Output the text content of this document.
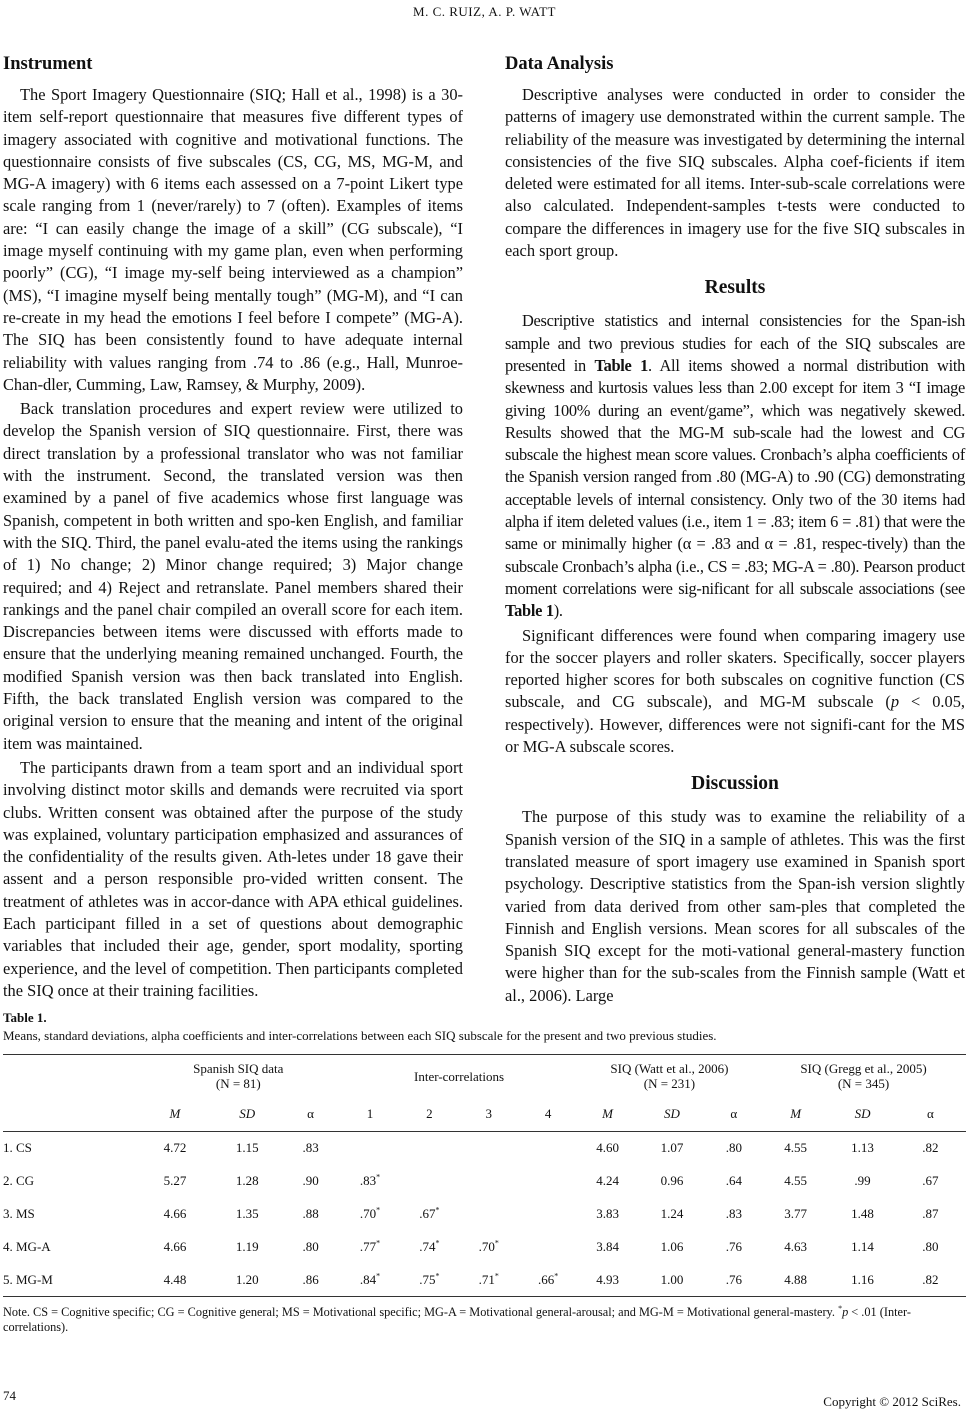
M. C. RUIZ, A. P. WATT
Instrument

The Sport Imagery Questionnaire (SIQ; Hall et al., 1998) is a 30-item self-report questionnaire that measures five different types of imagery associated with cognitive and motivational functions. The questionnaire consists of five subscales (CS, CG, MS, MG-M, and MG-A imagery) with 6 items each assessed on a 7-point Likert type scale ranging from 1 (never/rarely) to 7 (often). Examples of items are: “I can easily change the image of a skill” (CG subscale), “I image myself continuing with my game plan, even when performing poorly” (CG), “I image my-self being interviewed as a champion” (MS), “I imagine myself being mentally tough” (MG-M), and “I can re-create in my head the emotions I feel before I compete” (MG-A). The SIQ has been consistently found to have adequate internal reliability with values ranging from .74 to .86 (e.g., Hall, Munroe- Chan-dler, Cumming, Law, Ramsey, & Murphy, 2009).

Back translation procedures and expert review were utilized to develop the Spanish version of SIQ questionnaire. First, there was direct translation by a professional translator who was not familiar with the instrument. Second, the translated version was then examined by a panel of five academics whose first language was Spanish, competent in both written and spo-ken English, and familiar with the SIQ. Third, the panel evalu-ated the items using the rankings of 1) No change; 2) Minor change required; 3) Major change required; and 4) Reject and retranslate. Panel members shared their rankings and the panel chair compiled an overall score for each item. Discrepancies between items were discussed with efforts made to ensure that the underlying meaning remained unchanged. Fourth, the modified Spanish version was then back translated into English. Fifth, the back translated English version was compared to the original version to ensure that the meaning and intent of the original item was maintained.

The participants drawn from a team sport and an individual sport involving distinct motor skills and demands were recruited via sport clubs. Written consent was obtained after the purpose of the study was explained, voluntary participation emphasized and assurances of the confidentiality of the results given. Ath-letes under 18 gave their assent and a person responsible pro-vided written consent. The treatment of athletes was in accor-dance with APA ethical guidelines. Each participant filled in a set of questions about demographic variables that included their age, gender, sport modality, sporting experience, and the level of competition. Then participants completed the SIQ once at their training facilities.

Data Analysis

Descriptive analyses were conducted in order to consider the patterns of imagery use demonstrated within the current sample. The reliability of the measure was investigated by determining the internal consistencies of the five SIQ subscales. Alpha coef-ficients if item deleted were estimated for all items. Inter-sub-scale correlations were also calculated. Independent-samples t-tests were conducted to compare the differences in imagery use for the five SIQ subscales in each sport group.

Results

Descriptive statistics and internal consistencies for the Span-ish sample and two previous studies for each of the SIQ subscales are presented in Table 1. All items showed a normal distribution with skewness and kurtosis values less than 2.00 except for item 3 “I image giving 100% during an event/game”, which was negatively skewed. Results showed that the MG-M sub-scale had the lowest and CG subscale the highest mean score values. Cronbach’s alpha coefficients of the Spanish version ranged from .80 (MG-A) to .90 (CG) demonstrating acceptable levels of internal consistency. Only two of the 30 items had alpha if item deleted values (i.e., item 1 = .83; item 6 = .81) that were the same or minimally higher (α = .83 and α = .81, respec-tively) than the subscale Cronbach’s alpha (i.e., CS = .83; MG-A = .80). Pearson product moment correlations were sig-nificant for all subscale associations (see Table 1).

Significant differences were found when comparing imagery use for the soccer players and roller skaters. Specifically, soccer players reported higher scores for both subscales on cognitive function (CS subscale, and CG subscale), and MG-M subscale (p < 0.05, respectively). However, differences were not signifi-cant for the MS or MG-A subscale scores.

Discussion

The purpose of this study was to examine the reliability of a Spanish version of the SIQ in a sample of athletes. This was the first translated measure of sport imagery use examined in Spanish sport psychology. Descriptive statistics from the Span-ish version slightly varied from data derived from other sam-ples that completed the Finnish and English versions. Mean scores for all subscales of the Spanish SIQ except for the moti-vational general-mastery function were higher than for the sub-scales from the Finnish sample (Watt et al., 2006). Large

Table 1.
Means, standard deviations, alpha coefficients and inter-correlations between each SIQ subscale for the present and two previous studies.
	Spanish SIQ data
(N = 81)			Inter-correlations				SIQ (Watt et al., 2006)
(N = 231)			SIQ (Gregg et al., 2005)
(N = 345)		
	M	SD	α	1	2	3	4	M	SD	α	M	SD	α
1. CS	4.72	1.15	.83					4.60	1.07	.80	4.55	1.13	.82
2. CG	5.27	1.28	.90	.83*				4.24	0.96	.64	4.55	.99	.67
3. MS	4.66	1.35	.88	.70*	.67*			3.83	1.24	.83	3.77	1.48	.87
4. MG-A	4.66	1.19	.80	.77*	.74*	.70*		3.84	1.06	.76	4.63	1.14	.80
5. MG-M	4.48	1.20	.86	.84*	.75*	.71*	.66*	4.93	1.00	.76	4.88	1.16	.82
Note. CS = Cognitive specific; CG = Cognitive general; MS = Motivational specific; MG-A = Motivational general-arousal; and MG-M = Motivational general-mastery. *p < .01 (Inter-correlations).
74	Copyright © 2012 SciRes.
